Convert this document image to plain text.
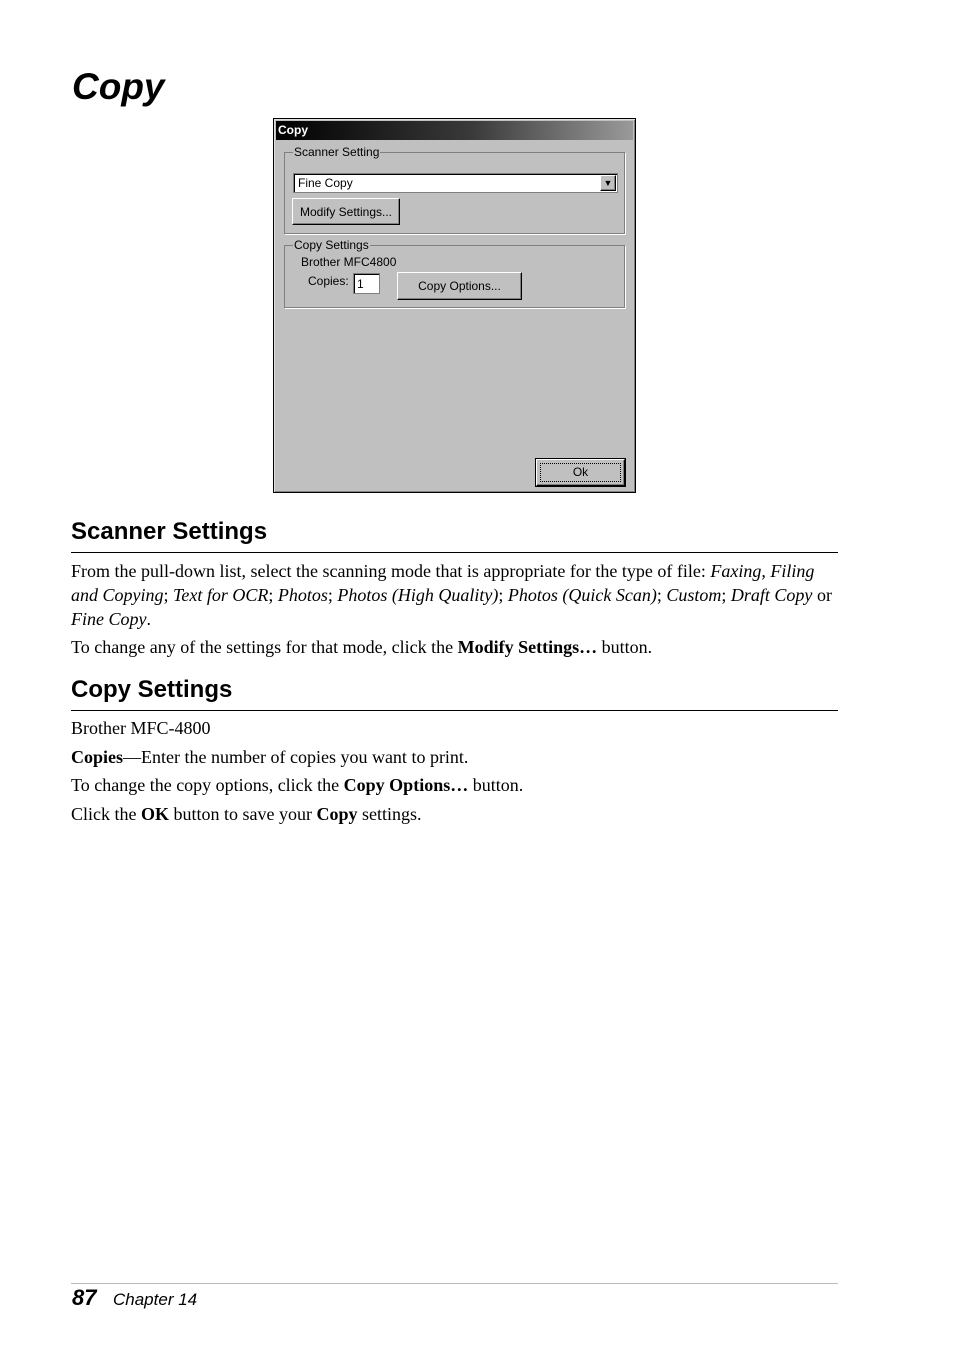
Copy
Copy
Scanner Setting
Fine Copy	▼
Modify Settings...
Copy Settings
Brother MFC4800
Copies:
1	Copy Options...
Ok
Scanner Settings

From the pull-down list, select the scanning mode that is appropriate for the type of file: Faxing, Filing and Copying; Text for OCR; Photos; Photos (High Quality); Photos (Quick Scan); Custom; Draft Copy or Fine Copy.

To change any of the settings for that mode, click the Modify Settings… button.

Copy Settings

Brother MFC-4800

Copies—Enter the number of copies you want to print.

To change the copy options, click the Copy Options… button.

Click the OK button to save your Copy settings.

87 Chapter 14
